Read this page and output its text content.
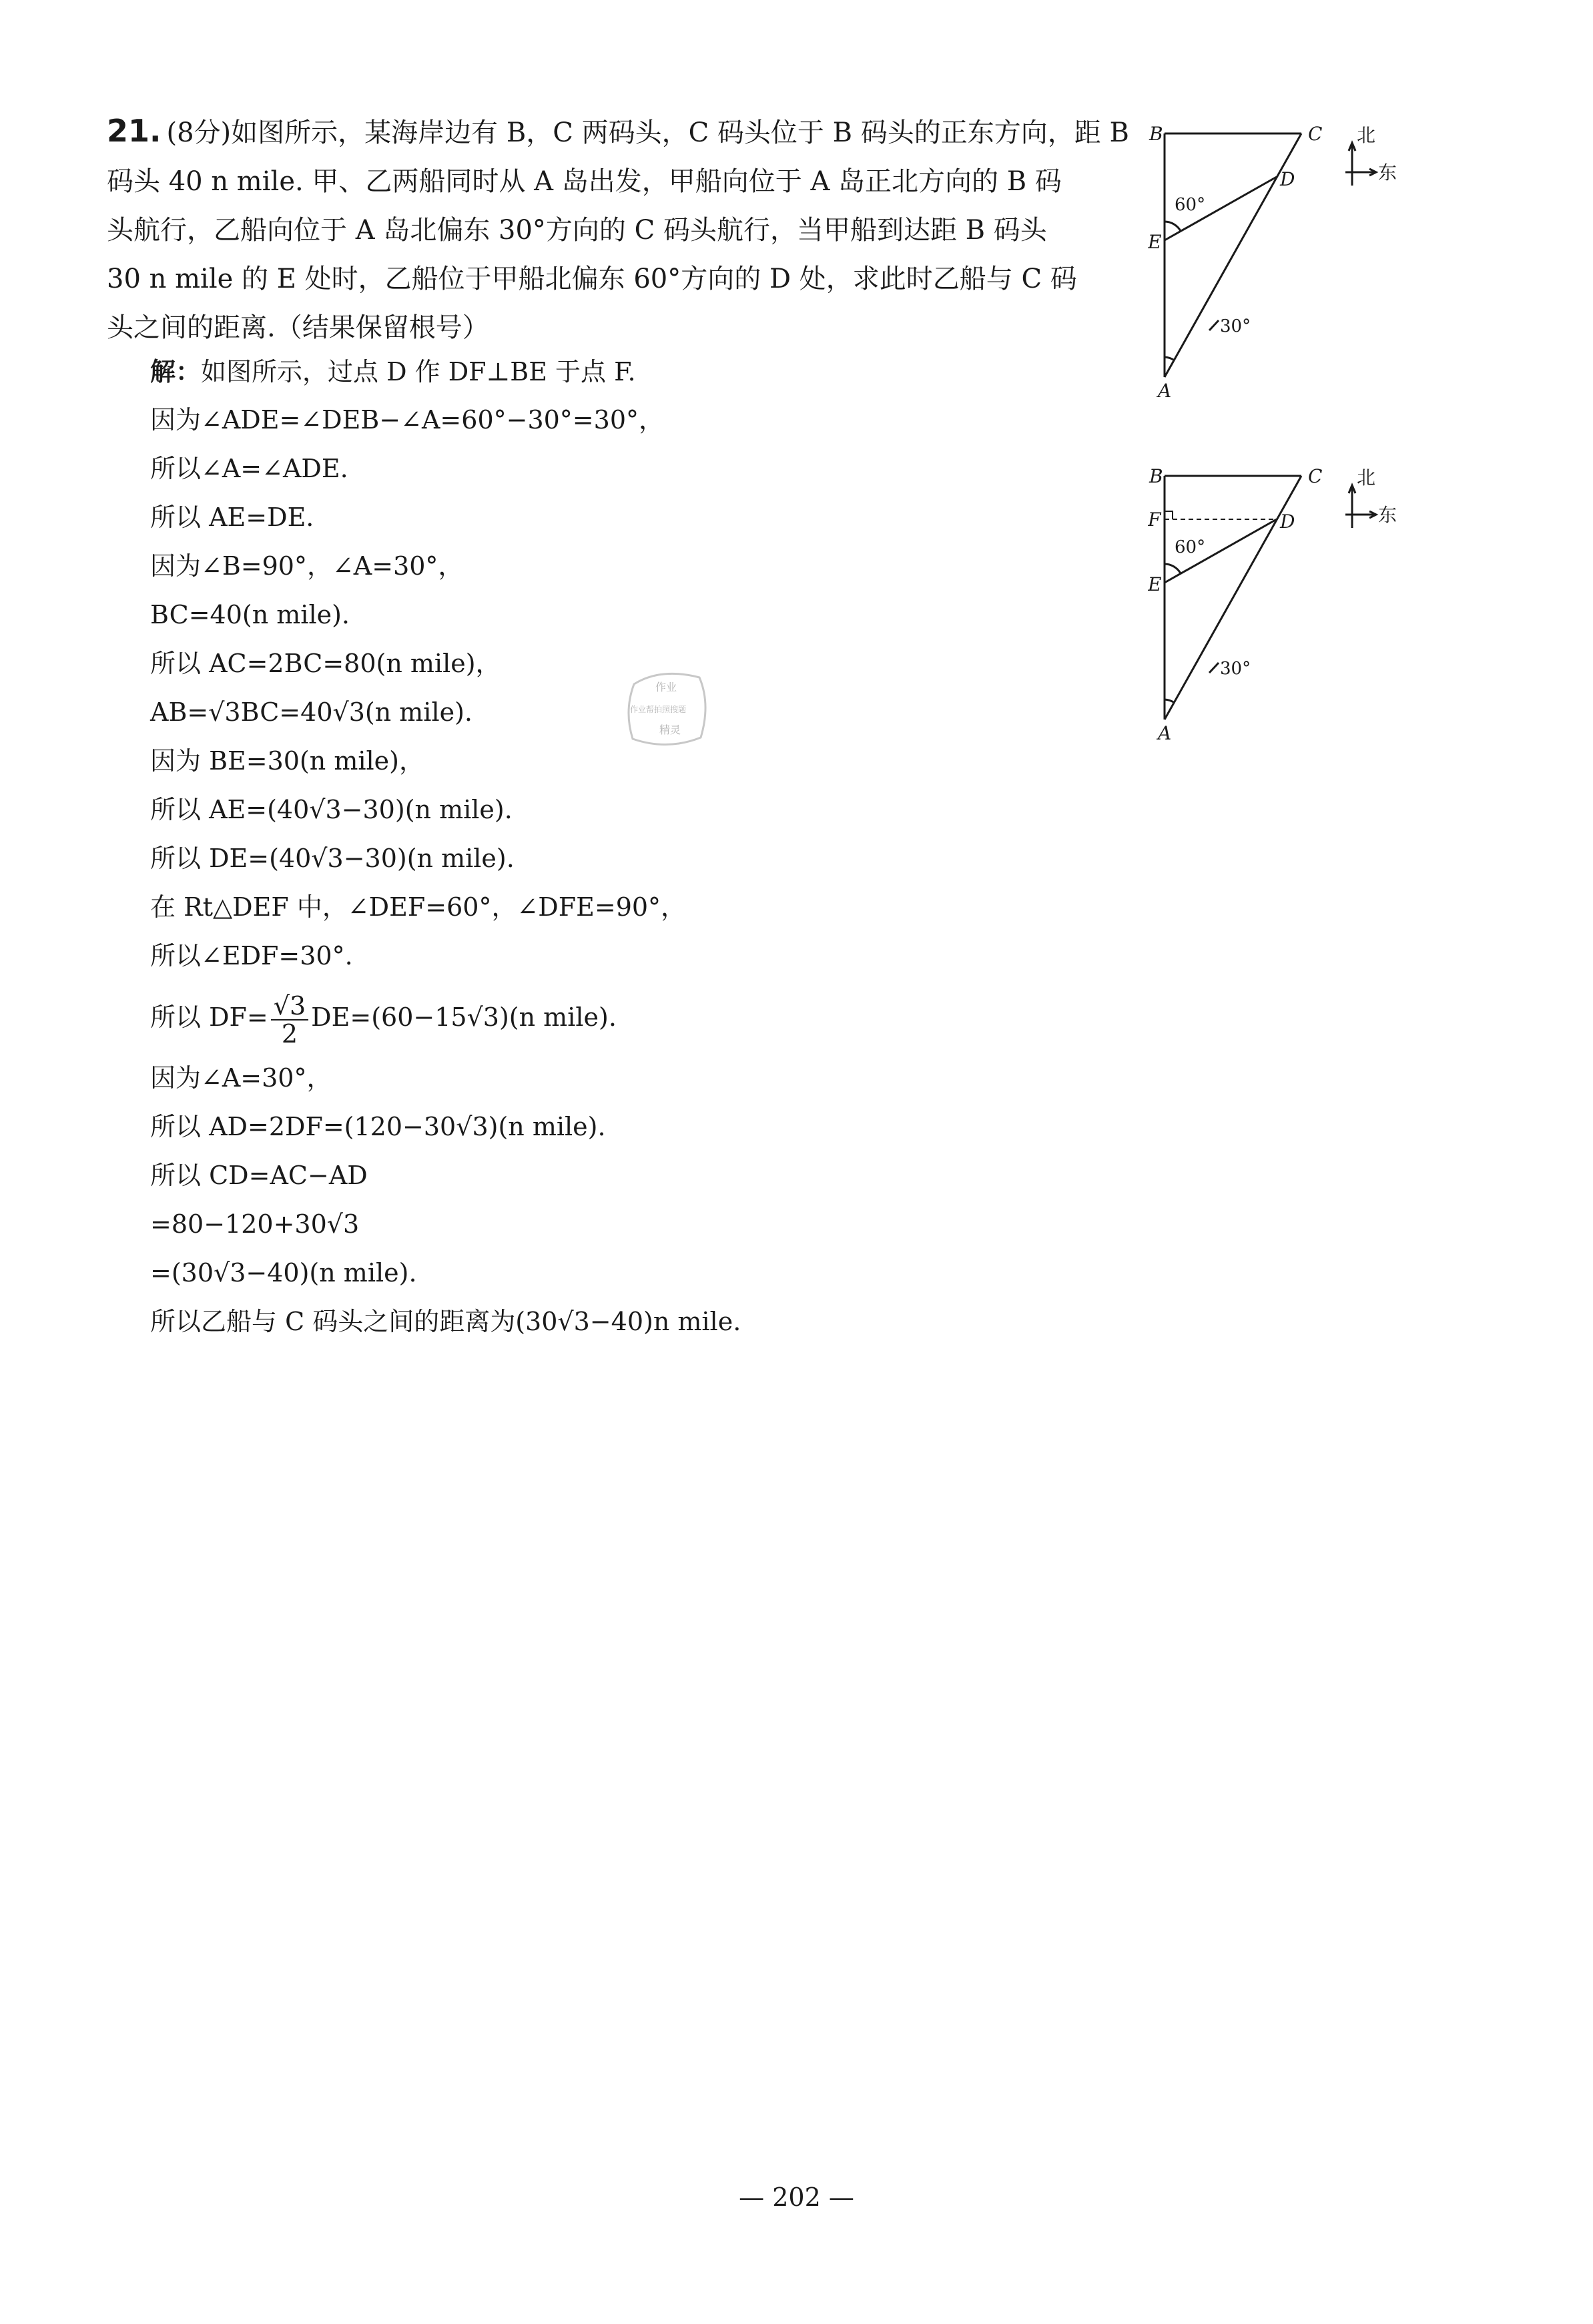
21. (8分)如图所示，某海岸边有 B，C 两码头，C 码头位于 B 码头的正东方向，距 B

码头 40 n mile. 甲、乙两船同时从 A 岛出发，甲船向位于 A 岛正北方向的 B 码

头航行，乙船向位于 A 岛北偏东 30°方向的 C 码头航行，当甲船到达距 B 码头

30 n mile 的 E 处时，乙船位于甲船北偏东 60°方向的 D 处，求此时乙船与 C 码

头之间的距离.（结果保留根号）

解：如图所示，过点 D 作 DF⊥BE 于点 F.
因为∠ADE=∠DEB−∠A=60°−30°=30°，
所以∠A=∠ADE.
所以 AE=DE.
因为∠B=90°，∠A=30°，
BC=40(n mile).
所以 AC=2BC=80(n mile)，
AB=√3BC=40√3(n mile).
因为 BE=30(n mile)，
所以 AE=(40√3−30)(n mile).
所以 DE=(40√3−30)(n mile).
在 Rt△DEF 中，∠DEF=60°，∠DFE=90°，
所以∠EDF=30°.
所以 $DF= \frac{√3}{2} DE=(60-15√3)(n$ mile).
因为∠A=30°，
所以 AD=2DF=(120−30√3)(n mile).
所以 CD=AC−AD
=80−120+30√3
=(30√3−40)(n mile).
所以乙船与 C 码头之间的距离为(30√3−40)n mile.
B	C
D
E
A
60°
30°
北
东
B	C
F	D
E
A
60°
30°
北
东
作业
作业帮拍照搜题
精灵
— 202 —
